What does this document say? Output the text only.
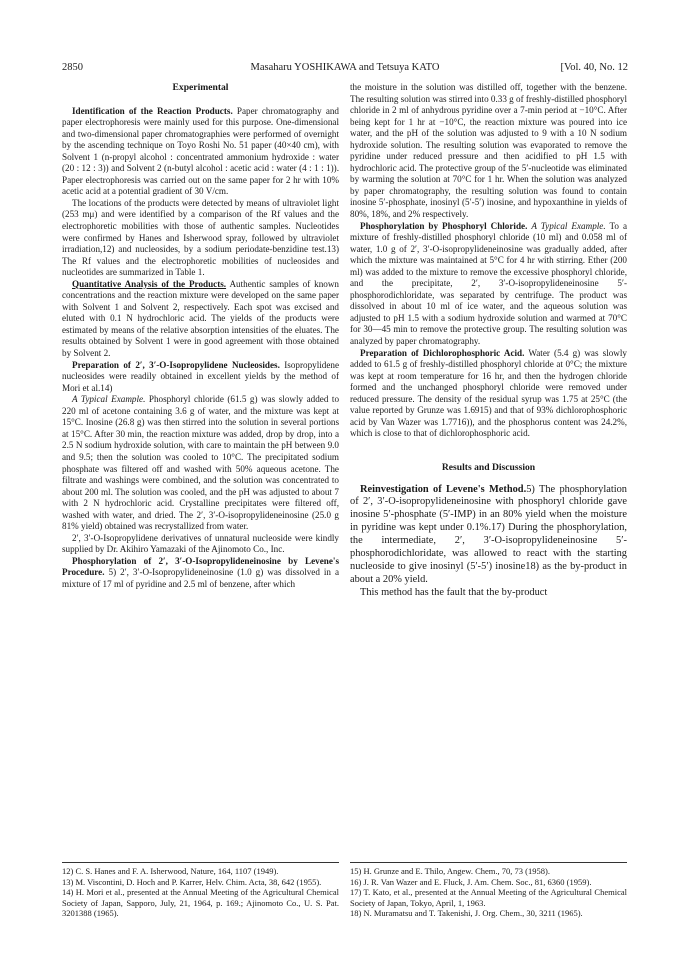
2850	Masaharu YOSHIKAWA and Tetsuya KATO	[Vol. 40, No. 12

Experimental

Identification of the Reaction Products. Paper chromatography and paper electrophoresis were mainly used for this purpose. One-dimensional and two-dimensional paper chromatographies were performed of overnight by the ascending technique on Toyo Roshi No. 51 paper (40×40 cm), with Solvent 1 (n-propyl alcohol : concentrated ammonium hydroxide : water (20 : 12 : 3)) and Solvent 2 (n-butyl alcohol : acetic acid : water (4 : 1 : 1)). Paper electrophoresis was carried out on the same paper for 2 hr with 10% acetic acid at a potential gradient of 30 V/cm.

The locations of the products were detected by means of ultraviolet light (253 mμ) and were identified by a comparison of the Rf values and the electrophoretic mobilities with those of authentic samples. Nucleotides were confirmed by Hanes and Isherwood spray, followed by ultraviolet irradiation,12) and nucleosides, by a sodium periodate-benzidine test.13) The Rf values and the electrophoretic mobilities of nucleosides and nucleotides are summarized in Table 1.

Quantitative Analysis of the Products. Authentic samples of known concentrations and the reaction mixture were developed on the same paper with Solvent 1 and Solvent 2, respectively. Each spot was excised and eluted with 0.1 N hydrochloric acid. The yields of the products were estimated by means of the relative absorption intensities of the eluates. The results obtained by Solvent 1 were in good agreement with those obtained by Solvent 2.

Preparation of 2′, 3′-O-Isopropylidene Nucleosides. Isopropylidene nucleosides were readily obtained in excellent yields by the method of Mori et al.14)

A Typical Example. Phosphoryl chloride (61.5 g) was slowly added to 220 ml of acetone containing 3.6 g of water, and the mixture was kept at 15°C. Inosine (26.8 g) was then stirred into the solution in several portions at 15°C. After 30 min, the reaction mixture was added, drop by drop, into a 2.5 N sodium hydroxide solution, with care to maintain the pH between 9.0 and 9.5; then the solution was cooled to 10°C. The precipitated sodium phosphate was filtered off and washed with 50% aqueous acetone. The filtrate and washings were combined, and the solution was concentrated to about 200 ml. The solution was cooled, and the pH was adjusted to about 7 with 2 N hydrochloric acid. Crystalline precipitates were filtered off, washed with water, and dried. The 2′, 3′-O-isopropylideneinosine (25.0 g 81% yield) obtained was recrystallized from water.

2′, 3′-O-Isopropylidene derivatives of unnatural nucleoside were kindly supplied by Dr. Akihiro Yamazaki of the Ajinomoto Co., Inc.

Phosphorylation of 2′, 3′-O-Isopropylideneinosine by Levene's Procedure. 5) 2′, 3′-O-Isopropylideneinosine (1.0 g) was dissolved in a mixture of 17 ml of pyridine and 2.5 ml of benzene, after which

the moisture in the solution was distilled off, together with the benzene. The resulting solution was stirred into 0.33 g of freshly-distilled phosphoryl chloride in 2 ml of anhydrous pyridine over a 7-min period at −10°C. After being kept for 1 hr at −10°C, the reaction mixture was poured into ice water, and the pH of the solution was adjusted to 9 with a 10 N sodium hydroxide solution. The resulting solution was evaporated to remove the pyridine under reduced pressure and then acidified to pH 1.5 with hydrochloric acid. The protective group of the 5′-nucleotide was eliminated by warming the solution at 70°C for 1 hr. When the solution was analyzed by paper chromatography, the resulting solution was found to contain inosine 5′-phosphate, inosinyl (5′-5′) inosine, and hypoxanthine in yields of 80%, 18%, and 2% respectively.

Phosphorylation by Phosphoryl Chloride. A Typical Example. To a mixture of freshly-distilled phosphoryl chloride (10 ml) and 0.058 ml of water, 1.0 g of 2′, 3′-O-isopropylideneinosine was gradually added, after which the mixture was maintained at 5°C for 4 hr with stirring. Ether (200 ml) was added to the mixture to remove the excessive phosphoryl chloride, and the precipitate, 2′, 3′-O-isopropylideneinosine 5′-phosphorodichloridate, was separated by centrifuge. The product was dissolved in about 10 ml of ice water, and the aqueous solution was adjusted to pH 1.5 with a sodium hydroxide solution and warmed at 70°C for 30—45 min to remove the protective group. The resulting solution was analyzed by paper chromatography.

Preparation of Dichlorophosphoric Acid. Water (5.4 g) was slowly added to 61.5 g of freshly-distilled phosphoryl chloride at 0°C; the mixture was kept at room temperature for 16 hr, and then the hydrogen chloride formed and the unchanged phosphoryl chloride were removed under reduced pressure. The density of the residual syrup was 1.75 at 25°C (the value reported by Grunze was 1.6915) and that of 93% dichlorophosphoric acid by Van Wazer was 1.7716)), and the phosphorus content was 24.2%, which is close to that of dichlorophosphoric acid.

Results and Discussion

Reinvestigation of Levene's Method.5) The phosphorylation of 2′, 3′-O-isopropylideneinosine with phosphoryl chloride gave inosine 5′-phosphate (5′-IMP) in an 80% yield when the moisture in pyridine was kept under 0.1%.17) During the phosphorylation, the intermediate, 2′, 3′-O-isopropylideneinosine 5′-phosphorodichloridate, was allowed to react with the starting nucleoside to give inosinyl (5′-5′) inosine18) as the by-product in about a 20% yield.

This method has the fault that the by-product

12) C. S. Hanes and F. A. Isherwood, Nature, 164, 1107 (1949).
13) M. Viscontini, D. Hoch and P. Karrer, Helv. Chim. Acta, 38, 642 (1955).
14) H. Mori et al., presented at the Annual Meeting of the Agricultural Chemical Society of Japan, Sapporo, July, 21, 1964, p. 169.; Ajinomoto Co., U. S. Pat. 3201388 (1965).
15) H. Grunze and E. Thilo, Angew. Chem., 70, 73 (1958).
16) J. R. Van Wazer and E. Fluck, J. Am. Chem. Soc., 81, 6360 (1959).
17) T. Kato, et al., presented at the Annual Meeting of the Agricultural Chemical Society of Japan, Tokyo, April, 1, 1963.
18) N. Muramatsu and T. Takenishi, J. Org. Chem., 30, 3211 (1965).
